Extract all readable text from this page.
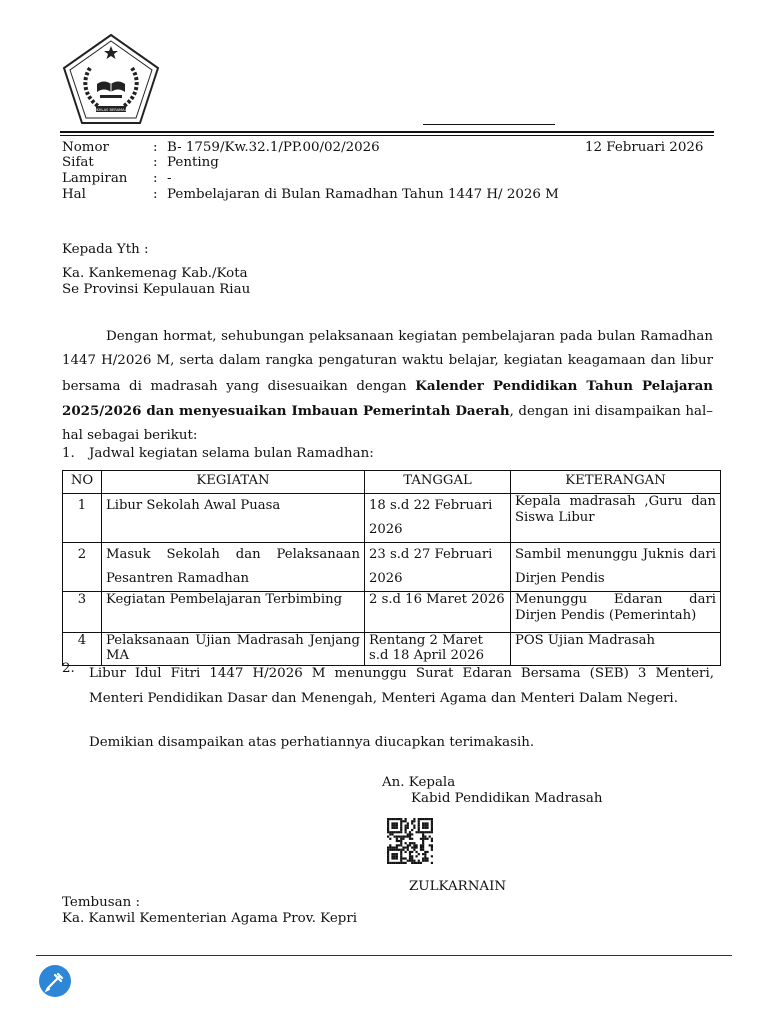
IKHLAS BERAMAL
Nomor	: B- 1759/Kw.32.1/PP.00/02/2026	12 Februari 2026
Sifat	: Penting
Lampiran : -
Hal	: Pembelajaran di Bulan Ramadhan Tahun 1447 H/ 2026 M
Kepada Yth :
Ka. Kankemenag Kab./Kota
Se Provinsi Kepulauan Riau

Dengan hormat, sehubungan pelaksanaan kegiatan pembelajaran pada bulan Ramadhan 1447 H/2026 M, serta dalam rangka pengaturan waktu belajar, kegiatan keagamaan dan libur bersama di madrasah yang disesuaikan dengan Kalender Pendidikan Tahun Pelajaran 2025/2026 dan menyesuaikan Imbauan Pemerintah Daerah, dengan ini disampaikan hal–hal sebagai berikut:

1. Jadwal kegiatan selama bulan Ramadhan:
NO	KEGIATAN	TANGGAL	KETERANGAN
1	Libur Sekolah Awal Puasa	18 s.d 22 Februari 2026	Kepala madrasah ,Guru dan Siswa Libur
2	Masuk Sekolah dan Pelaksanaan Pesantren Ramadhan	23 s.d 27 Februari 2026	Sambil menunggu Juknis dari Dirjen Pendis
3	Kegiatan Pembelajaran Terbimbing	2 s.d 16 Maret 2026	Menunggu Edaran dari Dirjen Pendis (Pemerintah)
4	Pelaksanaan Ujian Madrasah Jenjang MA	Rentang 2 Maret s.d 18 April 2026	POS Ujian Madrasah
2. Libur Idul Fitri 1447 H/2026 M menunggu Surat Edaran Bersama (SEB) 3 Menteri, Menteri Pendidikan Dasar dan Menengah, Menteri Agama dan Menteri Dalam Negeri.
Demikian disampaikan atas perhatiannya diucapkan terimakasih.
An. Kepala
Kabid Pendidikan Madrasah
ZULKARNAIN
Tembusan :
Ka. Kanwil Kementerian Agama Prov. Kepri
